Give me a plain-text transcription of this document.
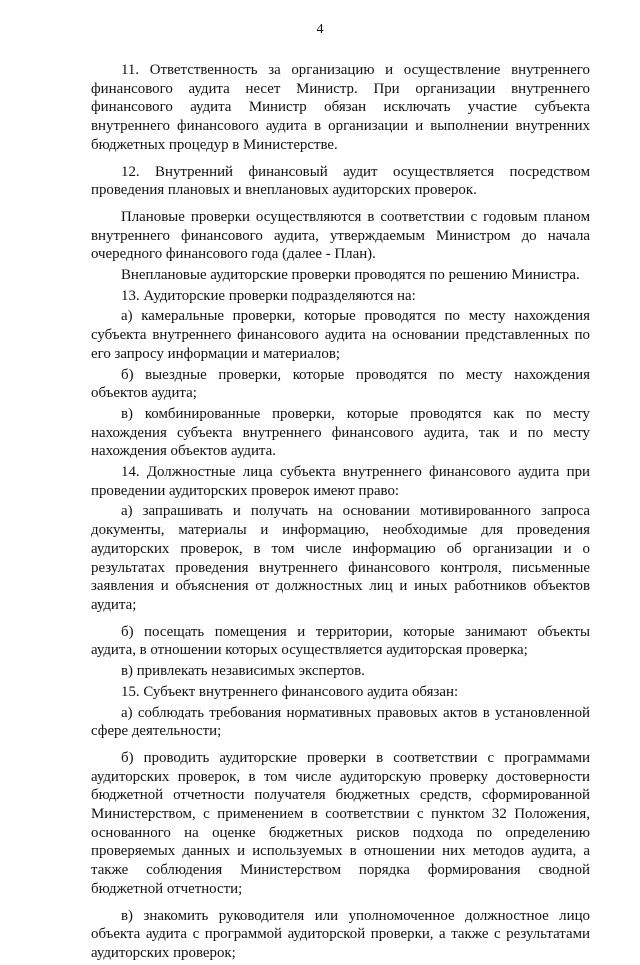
4

11. Ответственность за организацию и осуществление внутреннего финансового аудита несет Министр. При организации внутреннего финансового аудита Министр обязан исключать участие субъекта внутреннего финансового аудита в организации и выполнении внутренних бюджетных процедур в Министерстве.

12. Внутренний финансовый аудит осуществляется посредством проведения плановых и внеплановых аудиторских проверок.

Плановые проверки осуществляются в соответствии с годовым планом внутреннего финансового аудита, утверждаемым Министром до начала очередного финансового года (далее - План).

Внеплановые аудиторские проверки проводятся по решению Министра.

13. Аудиторские проверки подразделяются на:

а) камеральные проверки, которые проводятся по месту нахождения субъекта внутреннего финансового аудита на основании представленных по его запросу информации и материалов;

б) выездные проверки, которые проводятся по месту нахождения объектов аудита;

в) комбинированные проверки, которые проводятся как по месту нахождения субъекта внутреннего финансового аудита, так и по месту нахождения объектов аудита.

14. Должностные лица субъекта внутреннего финансового аудита при проведении аудиторских проверок имеют право:

а) запрашивать и получать на основании мотивированного запроса документы, материалы и информацию, необходимые для проведения аудиторских проверок, в том числе информацию об организации и о результатах проведения внутреннего финансового контроля, письменные заявления и объяснения от должностных лиц и иных работников объектов аудита;

б) посещать помещения и территории, которые занимают объекты аудита, в отношении которых осуществляется аудиторская проверка;

в) привлекать независимых экспертов.

15. Субъект внутреннего финансового аудита обязан:

а) соблюдать требования нормативных правовых актов в установленной сфере деятельности;

б) проводить аудиторские проверки в соответствии с программами аудиторских проверок, в том числе аудиторскую проверку достоверности бюджетной отчетности получателя бюджетных средств, сформированной Министерством, с применением в соответствии с пунктом 32 Положения, основанного на оценке бюджетных рисков подхода по определению проверяемых данных и используемых в отношении них методов аудита, а также соблюдения Министерством порядка формирования сводной бюджетной отчетности;

в) знакомить руководителя или уполномоченное должностное лицо объекта аудита с программой аудиторской проверки, а также с результатами аудиторских проверок;
